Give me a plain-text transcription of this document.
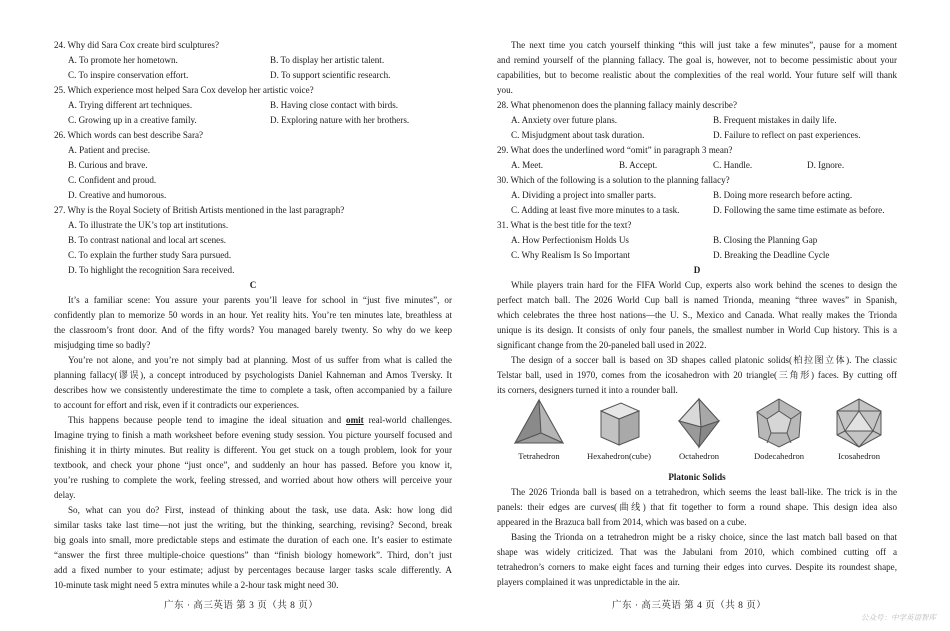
24. Why did Sara Cox create bird sculptures?
A. To promote her hometown.	B. To display her artistic talent.
C. To inspire conservation effort.	D. To support scientific research.
25. Which experience most helped Sara Cox develop her artistic voice?
A. Trying different art techniques.	B. Having close contact with birds.
C. Growing up in a creative family.	D. Exploring nature with her brothers.
26. Which words can best describe Sara?
A. Patient and precise.
B. Curious and brave.
C. Confident and proud.
D. Creative and humorous.
27. Why is the Royal Society of British Artists mentioned in the last paragraph?
A. To illustrate the UK’s top art institutions.
B. To contrast national and local art scenes.
C. To explain the further study Sara pursued.
D. To highlight the recognition Sara received.
C
It’s a familiar scene: You assure your parents you’ll leave for school in “just five minutes”, or
confidently plan to memorize 50 words in an hour. Yet reality hits. You’re ten minutes late, breathless at
the classroom’s front door. And of the fifty words? You managed barely twenty. So why do we keep
misjudging time so badly?
You’re not alone, and you’re not simply bad at planning. Most of us suffer from what is called the
planning fallacy(谬误), a concept introduced by psychologists Daniel Kahneman and Amos Tversky. It
describes how we consistently underestimate the time to complete a task, often accompanied by a failure
to account for effort and risk, even if it contradicts our experiences.
This happens because people tend to imagine the ideal situation and omit real-world challenges.
Imagine trying to finish a math worksheet before evening study session. You picture yourself focused and
finishing it in thirty minutes. But reality is different. You get stuck on a tough problem, look for your
textbook, and check your phone “just once”, and suddenly an hour has passed. Before you know it,
you’re rushing to complete the work, feeling stressed, and worried about how others will perceive your
delay.
So, what can you do? First, instead of thinking about the task, use data. Ask: how long did
similar tasks take last time—not just the writing, but the thinking, searching, revising? Second, break
big goals into small, more predictable steps and estimate the duration of each one. It’s easier to estimate
“answer the first three multiple-choice questions” than “finish biology homework”. Third, don’t just
add a fixed number to your estimate; adjust by percentages because larger tasks scale differently. A
10-minute task might need 5 extra minutes while a 2-hour task might need 30.
广东 · 高三英语 第 3 页（共 8 页）
The next time you catch yourself thinking “this will just take a few minutes”, pause for a moment
and remind yourself of the planning fallacy. The goal is, however, not to become pessimistic about your
capabilities, but to become realistic about the complexities of the real world. Your future self will thank
you.
28. What phenomenon does the planning fallacy mainly describe?
A. Anxiety over future plans.	B. Frequent mistakes in daily life.
C. Misjudgment about task duration.	D. Failure to reflect on past experiences.
29. What does the underlined word “omit” in paragraph 3 mean?
A. Meet.	B. Accept.	C. Handle.	D. Ignore.
30. Which of the following is a solution to the planning fallacy?
A. Dividing a project into smaller parts.	B. Doing more research before acting.
C. Adding at least five more minutes to a task.	D. Following the same time estimate as before.
31. What is the best title for the text?
A. How Perfectionism Holds Us	B. Closing the Planning Gap
C. Why Realism Is So Important	D. Breaking the Deadline Cycle
D
While players train hard for the FIFA World Cup, experts also work behind the scenes to design the
perfect match ball. The 2026 World Cup ball is named Trionda, meaning “three waves” in Spanish,
which celebrates the three host nations—the U. S., Mexico and Canada. What really makes the Trionda
unique is its design. It consists of only four panels, the smallest number in World Cup history. This is a
significant change from the 20-paneled ball used in 2022.
The design of a soccer ball is based on 3D shapes called platonic solids(柏拉图立体). The classic
Telstar ball, used in 1970, comes from the icosahedron with 20 triangle(三角形) faces. By cutting off
its corners, designers turned it into a rounder ball.
Tetrahedron	Hexahedron(cube)	Octahedron	Dodecahedron	Icosahedron
Platonic Solids
The 2026 Trionda ball is based on a tetrahedron, which seems the least ball-like. The trick is in the
panels: their edges are curves(曲线) that fit together to form a round shape. This design idea also
appeared in the Brazuca ball from 2014, which was based on a cube.
Basing the Trionda on a tetrahedron might be a risky choice, since the last match ball based on that
shape was widely criticized. That was the Jabulani from 2010, which combined cutting off a
tetrahedron’s corners to make eight faces and turning their edges into curves. Despite its roundest shape,
players complained it was unpredictable in the air.
广东 · 高三英语 第 4 页（共 8 页）
公众号：中学英语智库
